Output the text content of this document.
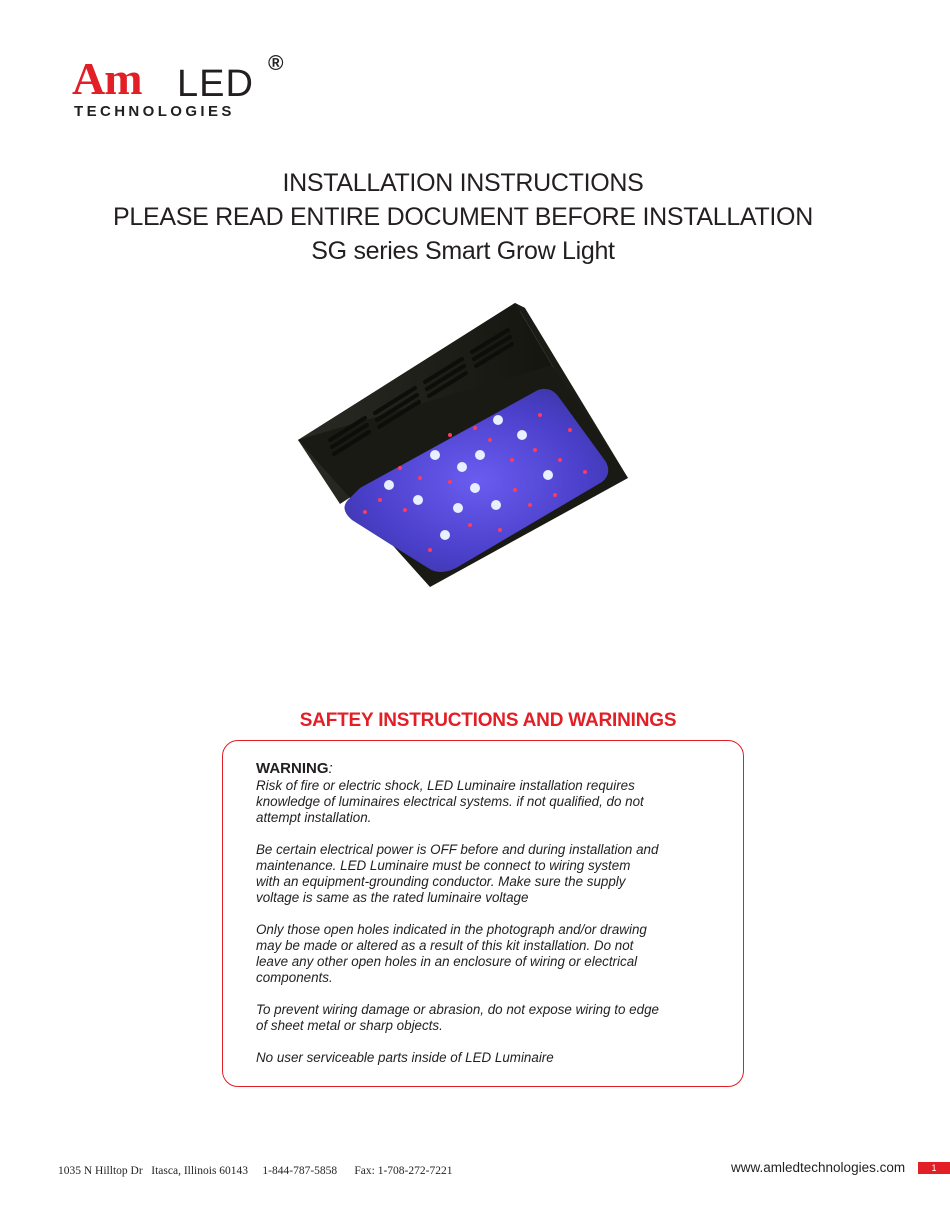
Am LED ®
TECHNOLOGIES
INSTALLATION INSTRUCTIONS
PLEASE READ ENTIRE DOCUMENT BEFORE INSTALLATION
SG series Smart Grow Light
SAFTEY INSTRUCTIONS AND WARININGS
WARNING:
Risk of fire or electric shock, LED Luminaire installation requires
knowledge of luminaires electrical systems. if not qualified, do not
attempt installation.
Be certain electrical power is OFF before and during installation and
maintenance. LED Luminaire must be connect to wiring system
with an equipment-grounding conductor. Make sure the supply
voltage is same as the rated luminaire voltage
Only those open holes indicated in the photograph and/or drawing
may be made or altered as a result of this kit installation. Do not
leave any other open holes in an enclosure of wiring or electrical
components.
To prevent wiring damage or abrasion, do not expose wiring to edge
of sheet metal or sharp objects.
No user serviceable parts inside of LED Luminaire
1035 N Hilltop Dr   Itasca, Illinois 60143     1-844-787-5858      Fax: 1-708-272-7221	www.amledtechnologies.com	1
